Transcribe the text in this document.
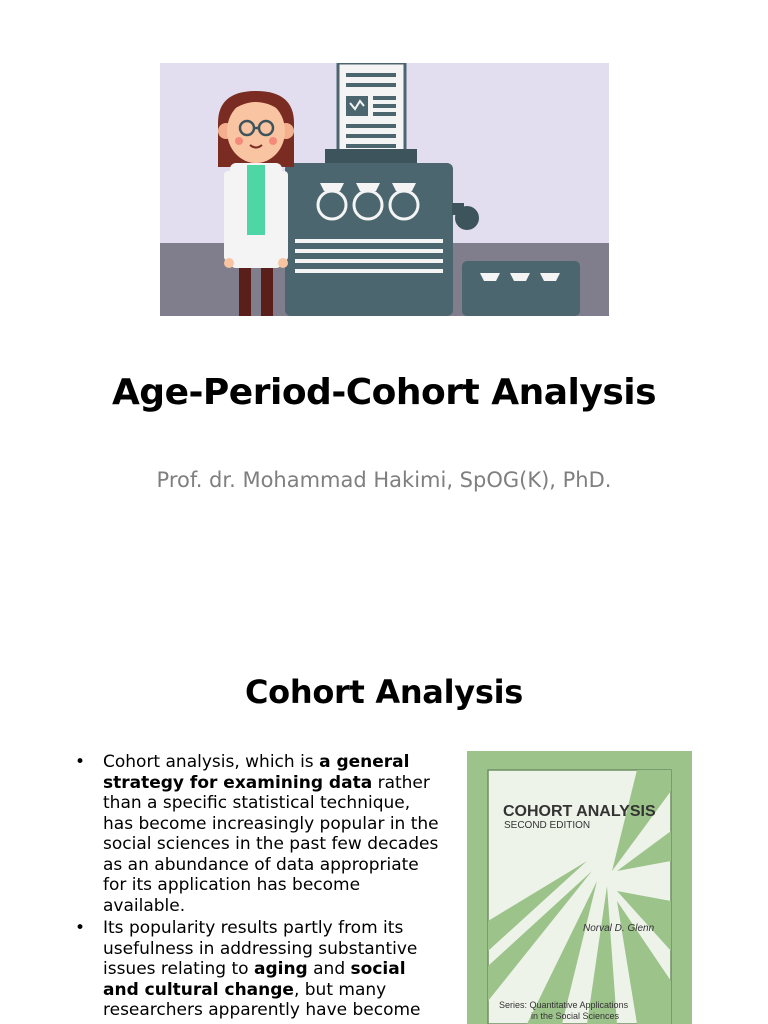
Age-Period-Cohort Analysis

Prof. dr. Mohammad Hakimi, SpOG(K), PhD.

Cohort Analysis
• Cohort analysis, which is a general strategy for examining data rather than a specific statistical technique, has become increasingly popular in the social sciences in the past few decades as an abundance of data appropriate for its application has become available.
• Its popularity results partly from its usefulness in addressing substantive issues relating to aging and social and cultural change, but many researchers apparently have become
COHORT ANALYSIS
SECOND EDITION
Norval D. Glenn
Series: Quantitative Applications
in the Social Sciences
